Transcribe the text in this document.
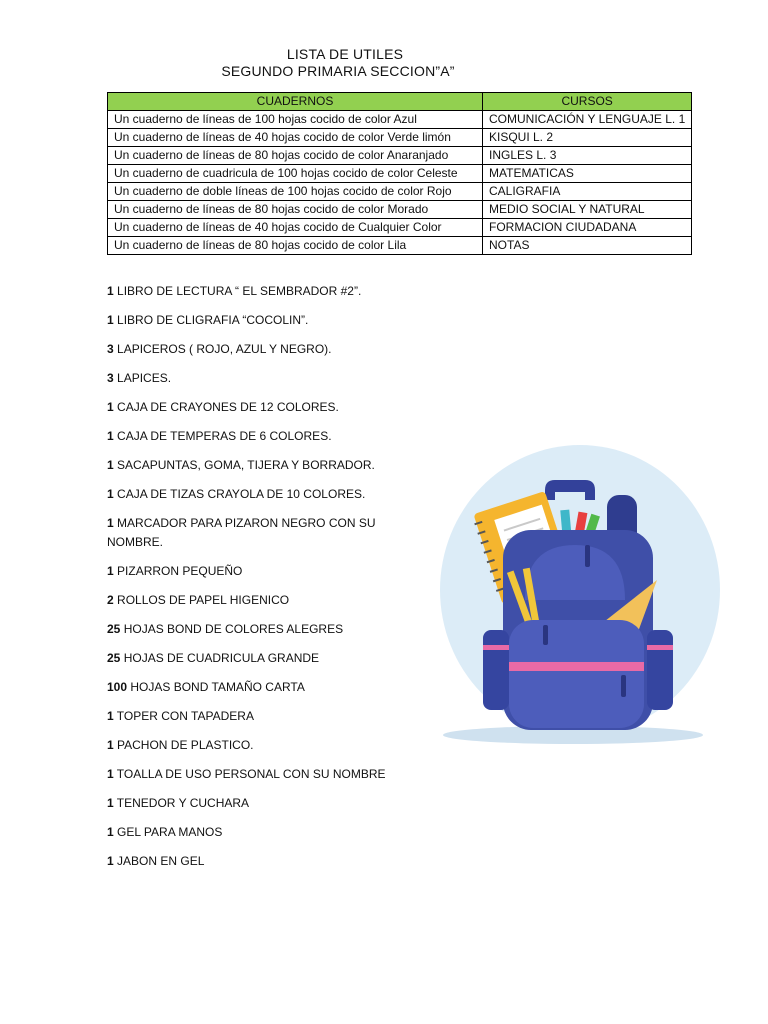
LISTA DE UTILES
SEGUNDO PRIMARIA SECCION”A”
CUADERNOS	CURSOS
Un cuaderno de líneas de 100 hojas cocido de color Azul	COMUNICACIÓN Y LENGUAJE L. 1
Un cuaderno de líneas de 40 hojas cocido de color Verde limón	KISQUI L. 2
Un cuaderno de líneas de 80 hojas cocido de color Anaranjado	INGLES L. 3
Un cuaderno de cuadricula de 100 hojas cocido de color Celeste	MATEMATICAS
Un cuaderno de doble líneas de 100 hojas cocido de color Rojo	CALIGRAFIA
Un cuaderno de líneas de 80 hojas cocido de color Morado	MEDIO SOCIAL Y NATURAL
Un cuaderno de líneas de 40 hojas cocido de Cualquier Color	FORMACION CIUDADANA
Un cuaderno de líneas de 80 hojas cocido de color Lila	NOTAS
1 LIBRO DE LECTURA “ EL SEMBRADOR #2”.
1 LIBRO DE CLIGRAFIA “COCOLIN”.
3 LAPICEROS ( ROJO, AZUL Y NEGRO).
3 LAPICES.
1 CAJA DE CRAYONES DE 12 COLORES.
1 CAJA DE TEMPERAS DE 6 COLORES.
1 SACAPUNTAS, GOMA, TIJERA Y BORRADOR.
1 CAJA DE TIZAS CRAYOLA DE 10 COLORES.
1 MARCADOR PARA PIZARON NEGRO CON SU NOMBRE.
1 PIZARRON PEQUEÑO
2 ROLLOS DE PAPEL HIGENICO
25 HOJAS BOND DE COLORES ALEGRES
25 HOJAS DE CUADRICULA GRANDE
100 HOJAS BOND TAMAÑO CARTA
1 TOPER CON TAPADERA
1 PACHON DE PLASTICO.
1 TOALLA DE USO PERSONAL CON SU NOMBRE
1 TENEDOR Y CUCHARA
1 GEL PARA MANOS
1 JABON EN GEL
